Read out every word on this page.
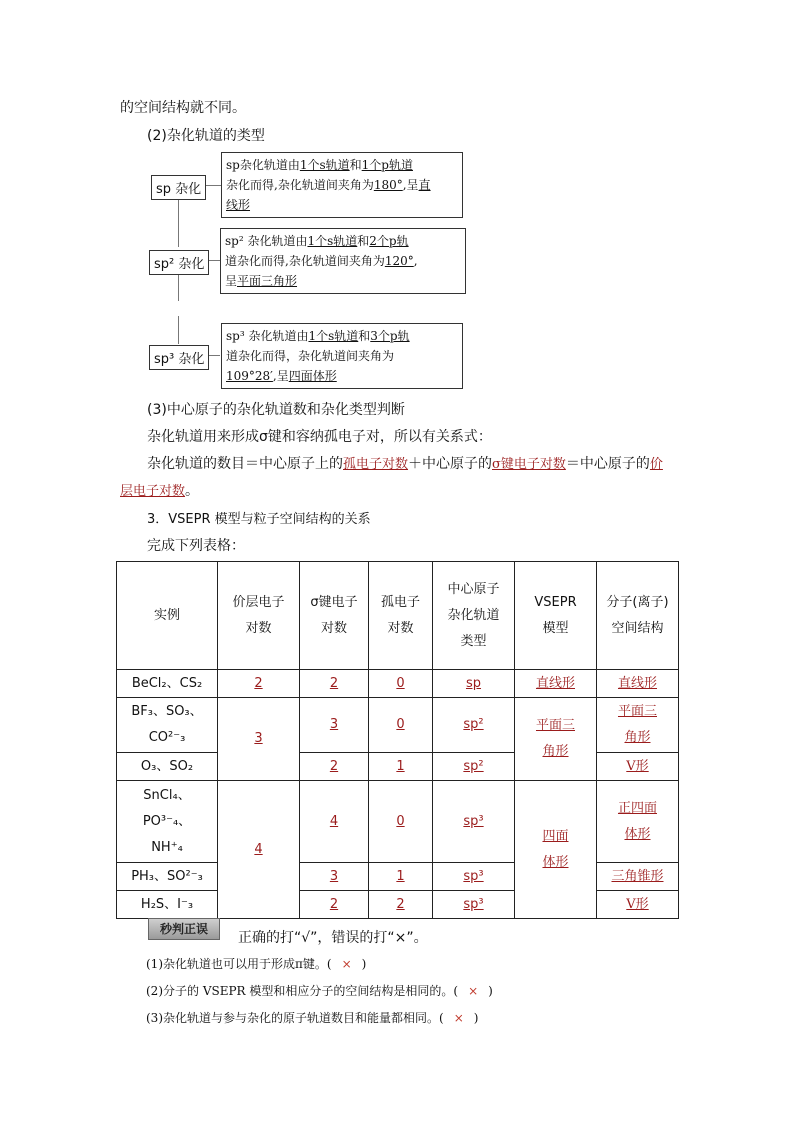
的空间结构就不同。
(2)杂化轨道的类型
sp 杂化
sp杂化轨道由1个s轨道和1个p轨道
杂化而得,杂化轨道间夹角为180°,呈直
线形
sp² 杂化
sp² 杂化轨道由1个s轨道和2个p轨
道杂化而得,杂化轨道间夹角为120°,
呈平面三角形
sp³ 杂化
sp³ 杂化轨道由1个s轨道和3个p轨
道杂化而得，杂化轨道间夹角为
109°28′,呈四面体形
(3)中心原子的杂化轨道数和杂化类型判断
杂化轨道用来形成σ键和容纳孤电子对，所以有关系式：
杂化轨道的数目＝中心原子上的孤电子对数＋中心原子的σ键电子对数＝中心原子的价
层电子对数。
3．VSEPR 模型与粒子空间结构的关系
完成下列表格：
实例	价层电子对数	σ键电子对数	孤电子对数	中心原子杂化轨道类型	VSEPR模型	分子(离子)空间结构

BeCl₂、CS₂	2	2	0	sp	直线形	直线形

BF₃、SO₃、CO²⁻₃	3	3	0	sp²	平面三角形	平面三角形

O₃、SO₂		2	1	sp²		V形

SnCl₄、PO³⁻₄、NH⁺₄	4	4	0	sp³	四面体形	正四面体形

PH₃、SO²⁻₃		3	1	sp³		三角锥形
H₂S、I⁻₃		2	2	sp³		V形
秒判正误
正确的打“√”，错误的打“×”。
(1)杂化轨道也可以用于形成π键。( × )
(2)分子的 VSEPR 模型和相应分子的空间结构是相同的。( × )
(3)杂化轨道与参与杂化的原子轨道数目和能量都相同。( × )
